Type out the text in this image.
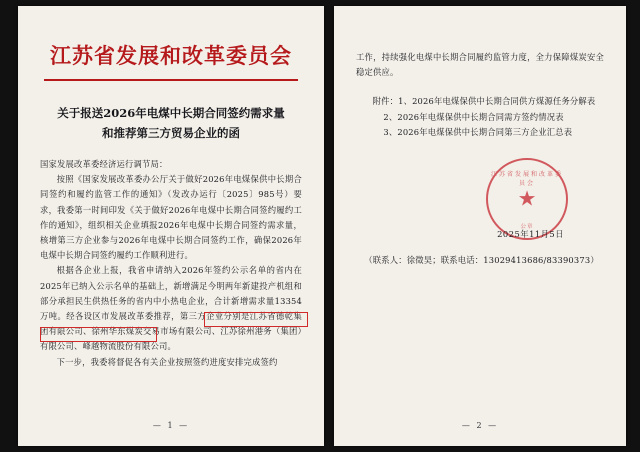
江苏省发展和改革委员会
关于报送2026年电煤中长期合同签约需求量和推荐第三方贸易企业的函

国家发展改革委经济运行调节局：

按照《国家发展改革委办公厅关于做好2026年电煤保供中长期合同签约和履约监管工作的通知》（发改办运行〔2025〕985号）要求，我委第一时间印发《关于做好2026年电煤中长期合同签约履约工作的通知》，组织相关企业填报2026年电煤中长期合同签约需求量，核增第三方企业参与2026年电煤中长期合同签约工作，确保2026年电煤中长期合同签约履约工作顺利进行。

根据各企业上报，我省申请纳入2026年签约公示名单的省内在2025年已纳入公示名单的基础上，新增满足今明两年新建投产机组和部分承担民生供热任务的省内中小热电企业，合计新增需求量13354万吨。经各设区市发展改革委推荐，第三方企业分别是江苏省德乾集团有限公司、徐州华东煤炭交易市场有限公司、江苏徐州港务（集团）有限公司、峰越物流股份有限公司。

下一步，我委将督促各有关企业按照签约进度安排完成签约

— 1 —

工作，持续强化电煤中长期合同履约监管力度，全力保障煤炭安全稳定供应。

附件：1、2026年电煤保供中长期合同供方煤源任务分解表
2、2026年电煤保供中长期合同需方签约情况表
3、2026年电煤保供中长期合同第三方企业汇总表
江苏省发展和改革委员会
★
公章
2025年11月5日
（联系人：徐徵昊；联系电话：13029413686/83390373）
— 2 —
